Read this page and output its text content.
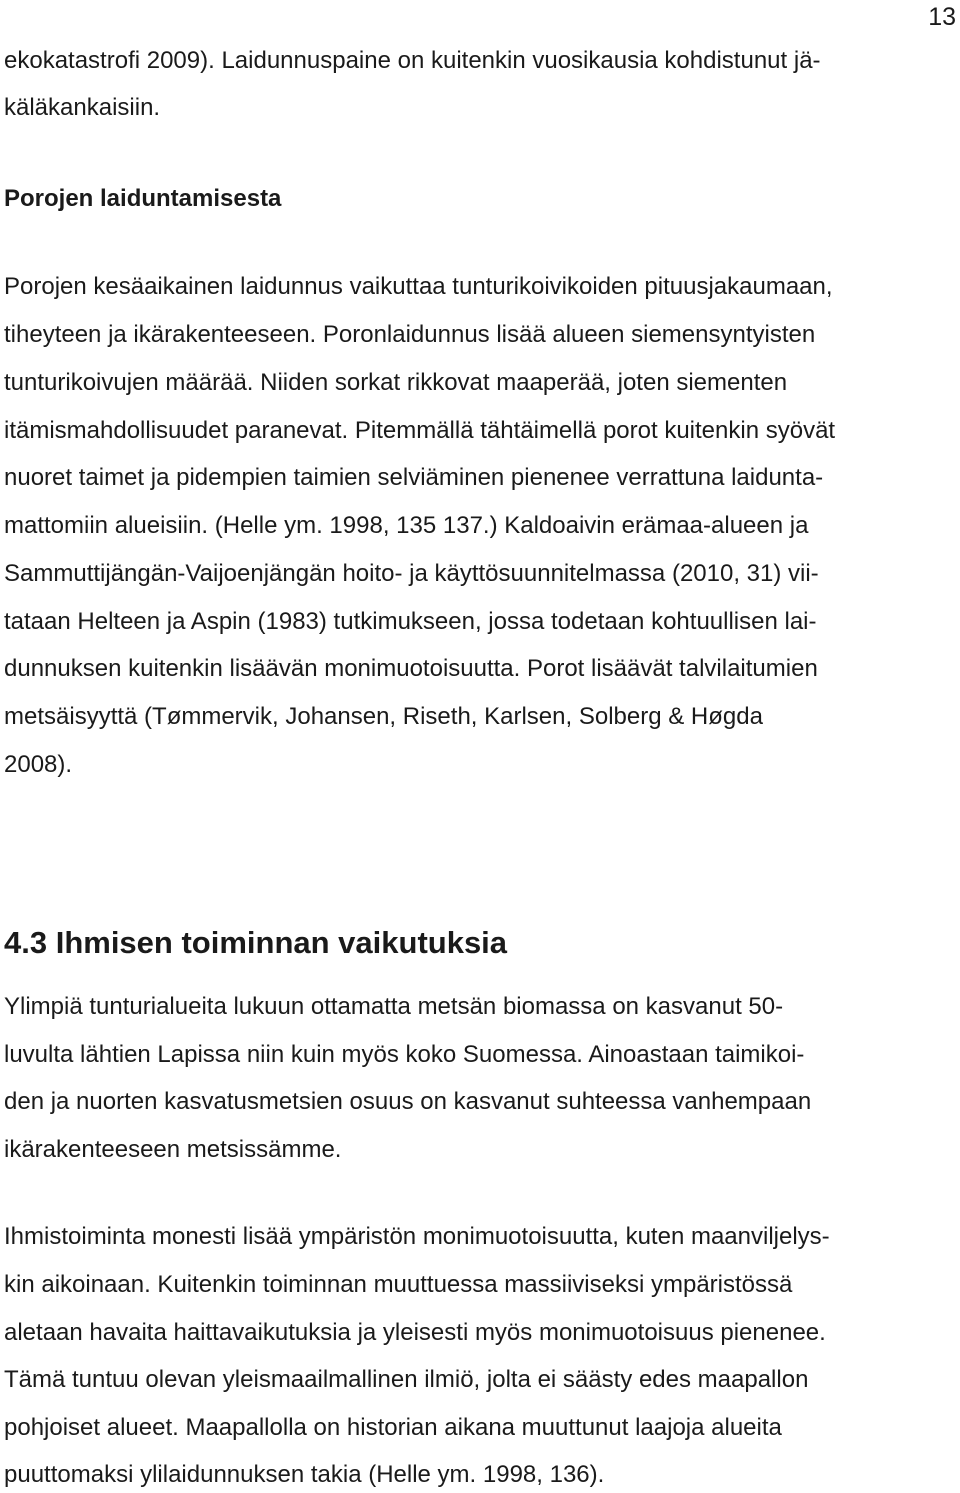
13
ekokatastrofi 2009). Laidunnuspaine on kuitenkin vuosikausia kohdistunut jä-
käläkankaisiin.
Porojen laiduntamisesta
Porojen kesäaikainen laidunnus vaikuttaa tunturikoivikoiden pituusjakaumaan,
tiheyteen ja ikärakenteeseen. Poronlaidunnus lisää alueen siemensyntyisten
tunturikoivujen määrää. Niiden sorkat rikkovat maaperää, joten siementen
itämismahdollisuudet paranevat. Pitemmällä tähtäimellä porot kuitenkin syövät
nuoret taimet ja pidempien taimien selviäminen pienenee verrattuna laidunta-
mattomiin alueisiin. (Helle ym. 1998, 135 137.) Kaldoaivin erämaa-alueen ja
Sammuttijängän-Vaijoenjängän hoito- ja käyttösuunnitelmassa (2010, 31) vii-
tataan Helteen ja Aspin (1983) tutkimukseen, jossa todetaan kohtuullisen lai-
dunnuksen kuitenkin lisäävän monimuotoisuutta. Porot lisäävät talvilaitumien
metsäisyyttä (Tømmervik, Johansen, Riseth, Karlsen, Solberg & Høgda
2008).
4.3 Ihmisen toiminnan vaikutuksia
Ylimpiä tunturialueita lukuun ottamatta metsän biomassa on kasvanut 50-
luvulta lähtien Lapissa niin kuin myös koko Suomessa. Ainoastaan taimikoi-
den ja nuorten kasvatusmetsien osuus on kasvanut suhteessa vanhempaan
ikärakenteeseen metsissämme.
Ihmistoiminta monesti lisää ympäristön monimuotoisuutta, kuten maanviljelys-
kin aikoinaan. Kuitenkin toiminnan muuttuessa massiiviseksi ympäristössä
aletaan havaita haittavaikutuksia ja yleisesti myös monimuotoisuus pienenee.
Tämä tuntuu olevan yleismaailmallinen ilmiö, jolta ei säästy edes maapallon
pohjoiset alueet. Maapallolla on historian aikana muuttunut laajoja alueita
puuttomaksi ylilaidunnuksen takia (Helle ym. 1998, 136).
